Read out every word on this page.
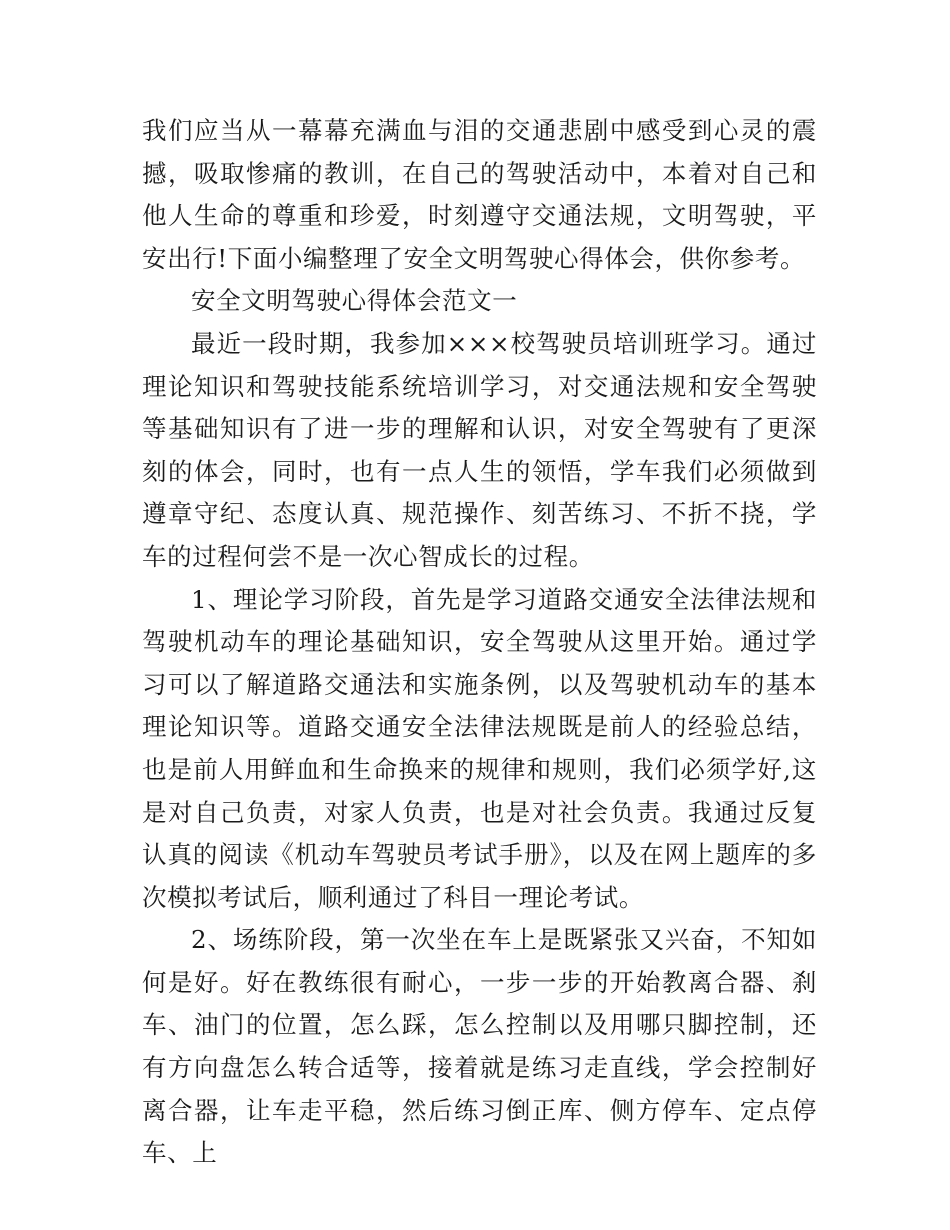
我们应当从一幕幕充满血与泪的交通悲剧中感受到心灵的震撼，吸取惨痛的教训，在自己的驾驶活动中，本着对自己和他人生命的尊重和珍爱，时刻遵守交通法规，文明驾驶，平安出行!下面小编整理了安全文明驾驶心得体会，供你参考。

安全文明驾驶心得体会范文一

最近一段时期，我参加×××校驾驶员培训班学习。通过理论知识和驾驶技能系统培训学习，对交通法规和安全驾驶等基础知识有了进一步的理解和认识，对安全驾驶有了更深刻的体会，同时，也有一点人生的领悟，学车我们必须做到遵章守纪、态度认真、规范操作、刻苦练习、不折不挠，学车的过程何尝不是一次心智成长的过程。

1、理论学习阶段，首先是学习道路交通安全法律法规和驾驶机动车的理论基础知识，安全驾驶从这里开始。通过学习可以了解道路交通法和实施条例，以及驾驶机动车的基本理论知识等。道路交通安全法律法规既是前人的经验总结，也是前人用鲜血和生命换来的规律和规则，我们必须学好,这是对自己负责，对家人负责，也是对社会负责。我通过反复认真的阅读《机动车驾驶员考试手册》，以及在网上题库的多次模拟考试后，顺利通过了科目一理论考试。

2、场练阶段，第一次坐在车上是既紧张又兴奋，不知如何是好。好在教练很有耐心，一步一步的开始教离合器、刹车、油门的位置，怎么踩，怎么控制以及用哪只脚控制，还有方向盘怎么转合适等，接着就是练习走直线，学会控制好离合器，让车走平稳，然后练习倒正库、侧方停车、定点停车、上
